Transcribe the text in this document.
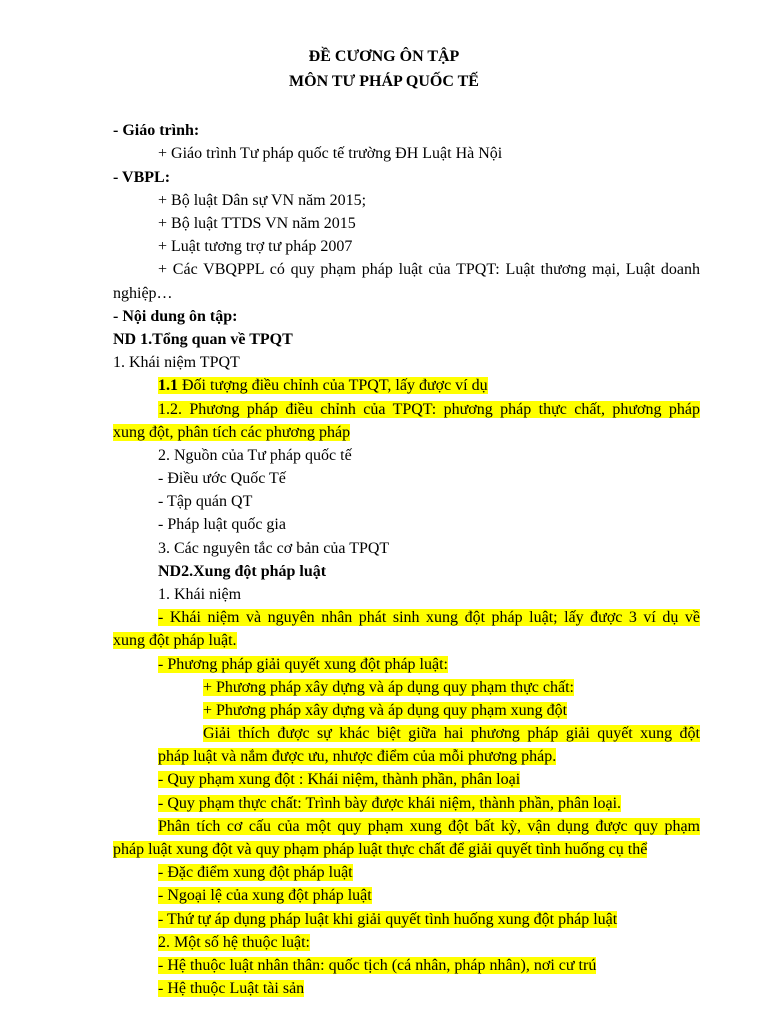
ĐỀ CƯƠNG ÔN TẬP
MÔN TƯ PHÁP QUỐC TẾ
- Giáo trình:
+ Giáo trình Tư pháp quốc tế trường ĐH Luật Hà Nội
- VBPL:
+ Bộ luật Dân sự VN năm 2015;
+ Bộ luật TTDS VN năm 2015
+ Luật tương trợ tư pháp 2007
+ Các VBQPPL có quy phạm pháp luật của TPQT: Luật thương mại, Luật doanh
nghiệp…
- Nội dung ôn tập:
ND 1.Tổng quan về TPQT
1. Khái niệm TPQT
1.1 Đối tượng điều chỉnh của TPQT, lấy được ví dụ
1.2. Phương pháp điều chỉnh của TPQT: phương pháp thực chất, phương pháp
xung đột, phân tích các phương pháp
2. Nguồn của Tư pháp quốc tế
- Điều ước Quốc Tế
- Tập quán QT
- Pháp luật quốc gia
3. Các nguyên tắc cơ bản của TPQT
ND2.Xung đột pháp luật
1. Khái niệm
- Khái niệm và nguyên nhân phát sinh xung đột pháp luật; lấy được 3 ví dụ về
xung đột pháp luật.
- Phương pháp giải quyết xung đột pháp luật:
+ Phương pháp xây dựng và áp dụng quy phạm thực chất:
+ Phương pháp xây dựng và áp dụng quy phạm xung đột
Giải thích được sự khác biệt giữa hai phương pháp giải quyết xung đột
pháp luật và nắm được ưu, nhược điểm của mỗi phương pháp.
- Quy phạm xung đột : Khái niệm, thành phần, phân loại
- Quy phạm thực chất: Trình bày được khái niệm, thành phần, phân loại.
Phân tích cơ cấu của một quy phạm xung đột bất kỳ, vận dụng được quy phạm
pháp luật xung đột và quy phạm pháp luật thực chất để giải quyết tình huống cụ thể
- Đặc điểm xung đột pháp luật
- Ngoại lệ của xung đột pháp luật
- Thứ tự áp dụng pháp luật khi giải quyết tình huống xung đột pháp luật
2. Một số hệ thuộc luật:
- Hệ thuộc luật nhân thân: quốc tịch (cá nhân, pháp nhân), nơi cư trú
- Hệ thuộc Luật tài sản
